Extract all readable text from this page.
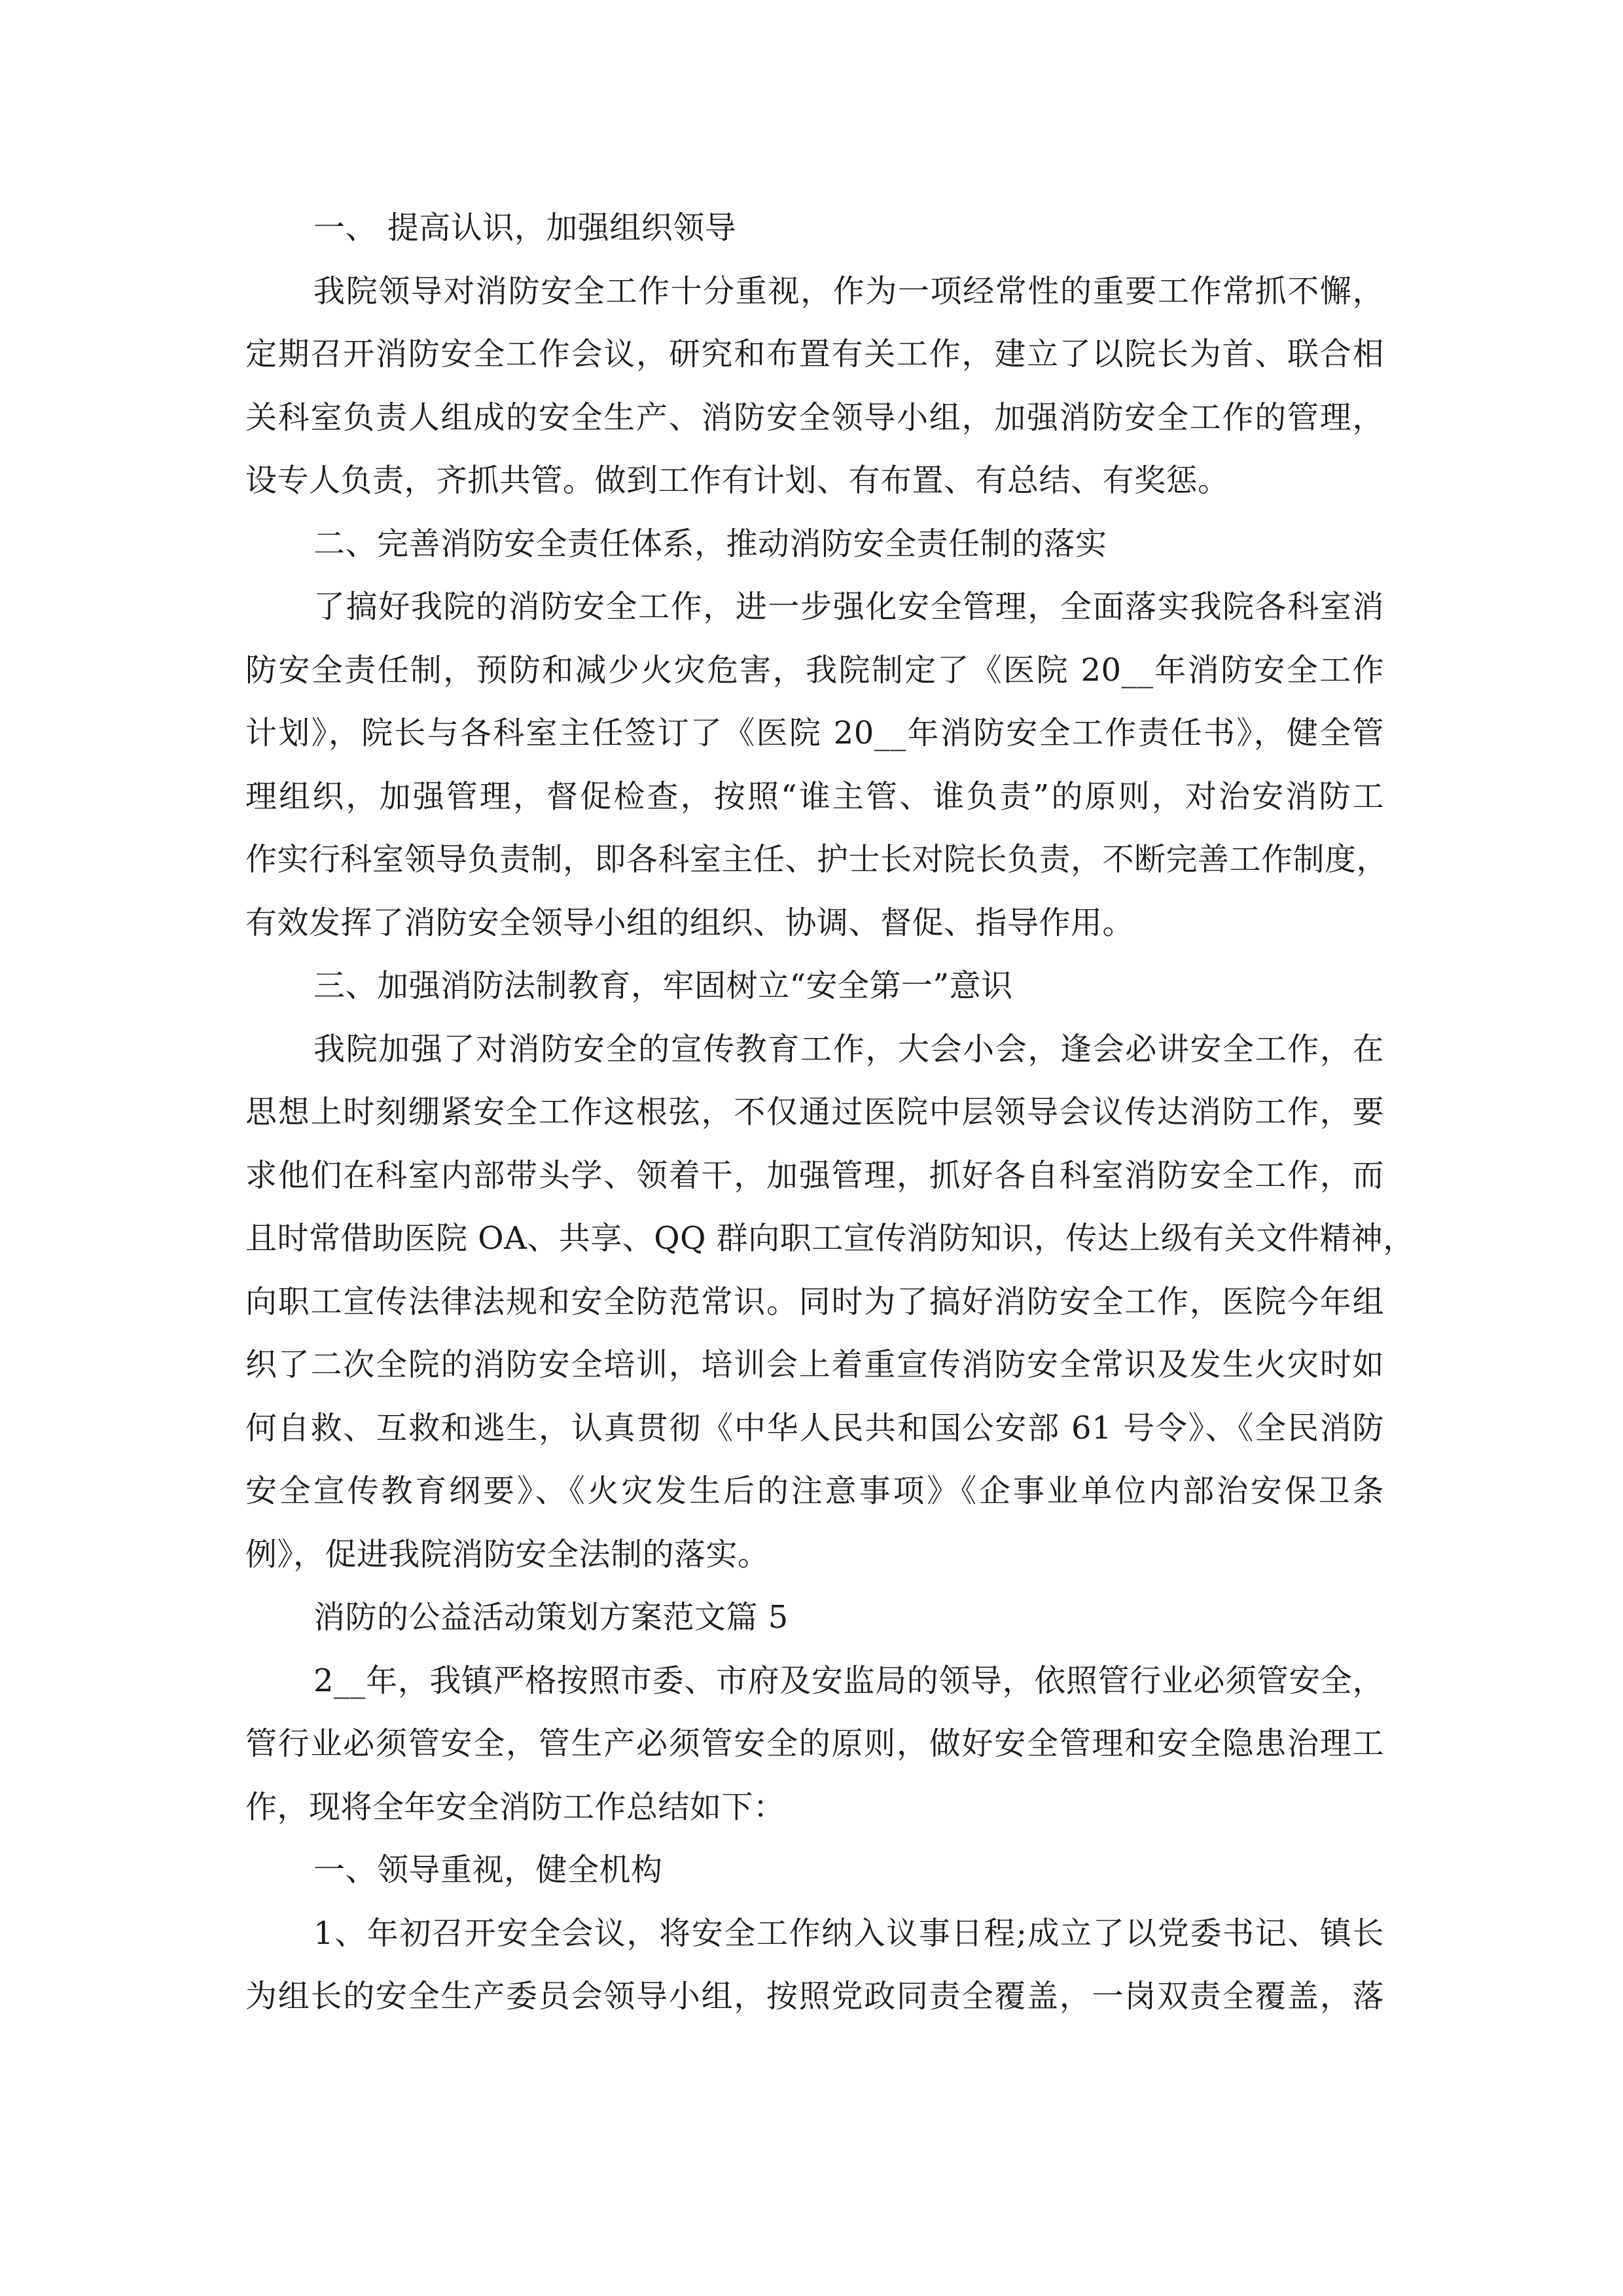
一、 提高认识，加强组织领导
我院领导对消防安全工作十分重视，作为一项经常性的重要工作常抓不懈，
定期召开消防安全工作会议，研究和布置有关工作，建立了以院长为首、联合相
关科室负责人组成的安全生产、消防安全领导小组，加强消防安全工作的管理，
设专人负责，齐抓共管。做到工作有计划、有布置、有总结、有奖惩。
二、完善消防安全责任体系，推动消防安全责任制的落实
了搞好我院的消防安全工作，进一步强化安全管理，全面落实我院各科室消
防安全责任制，预防和减少火灾危害，我院制定了《医院 20__年消防安全工作
计划》，院长与各科室主任签订了《医院 20__年消防安全工作责任书》，健全管
理组织，加强管理，督促检查，按照“谁主管、谁负责”的原则，对治安消防工
作实行科室领导负责制，即各科室主任、护士长对院长负责，不断完善工作制度，
有效发挥了消防安全领导小组的组织、协调、督促、指导作用。
三、加强消防法制教育，牢固树立“安全第一”意识
我院加强了对消防安全的宣传教育工作，大会小会，逢会必讲安全工作，在
思想上时刻绷紧安全工作这根弦，不仅通过医院中层领导会议传达消防工作，要
求他们在科室内部带头学、领着干，加强管理，抓好各自科室消防安全工作，而
且时常借助医院 OA、共享、QQ 群向职工宣传消防知识，传达上级有关文件精神，
向职工宣传法律法规和安全防范常识。同时为了搞好消防安全工作，医院今年组
织了二次全院的消防安全培训，培训会上着重宣传消防安全常识及发生火灾时如
何自救、互救和逃生，认真贯彻《中华人民共和国公安部 61 号令》、《全民消防
安全宣传教育纲要》、《火灾发生后的注意事项》《企事业单位内部治安保卫条
例》，促进我院消防安全法制的落实。
消防的公益活动策划方案范文篇 5
2__年，我镇严格按照市委、市府及安监局的领导，依照管行业必须管安全，
管行业必须管安全，管生产必须管安全的原则，做好安全管理和安全隐患治理工
作，现将全年安全消防工作总结如下：
一、领导重视，健全机构
1、年初召开安全会议，将安全工作纳入议事日程;成立了以党委书记、镇长
为组长的安全生产委员会领导小组，按照党政同责全覆盖，一岗双责全覆盖，落
